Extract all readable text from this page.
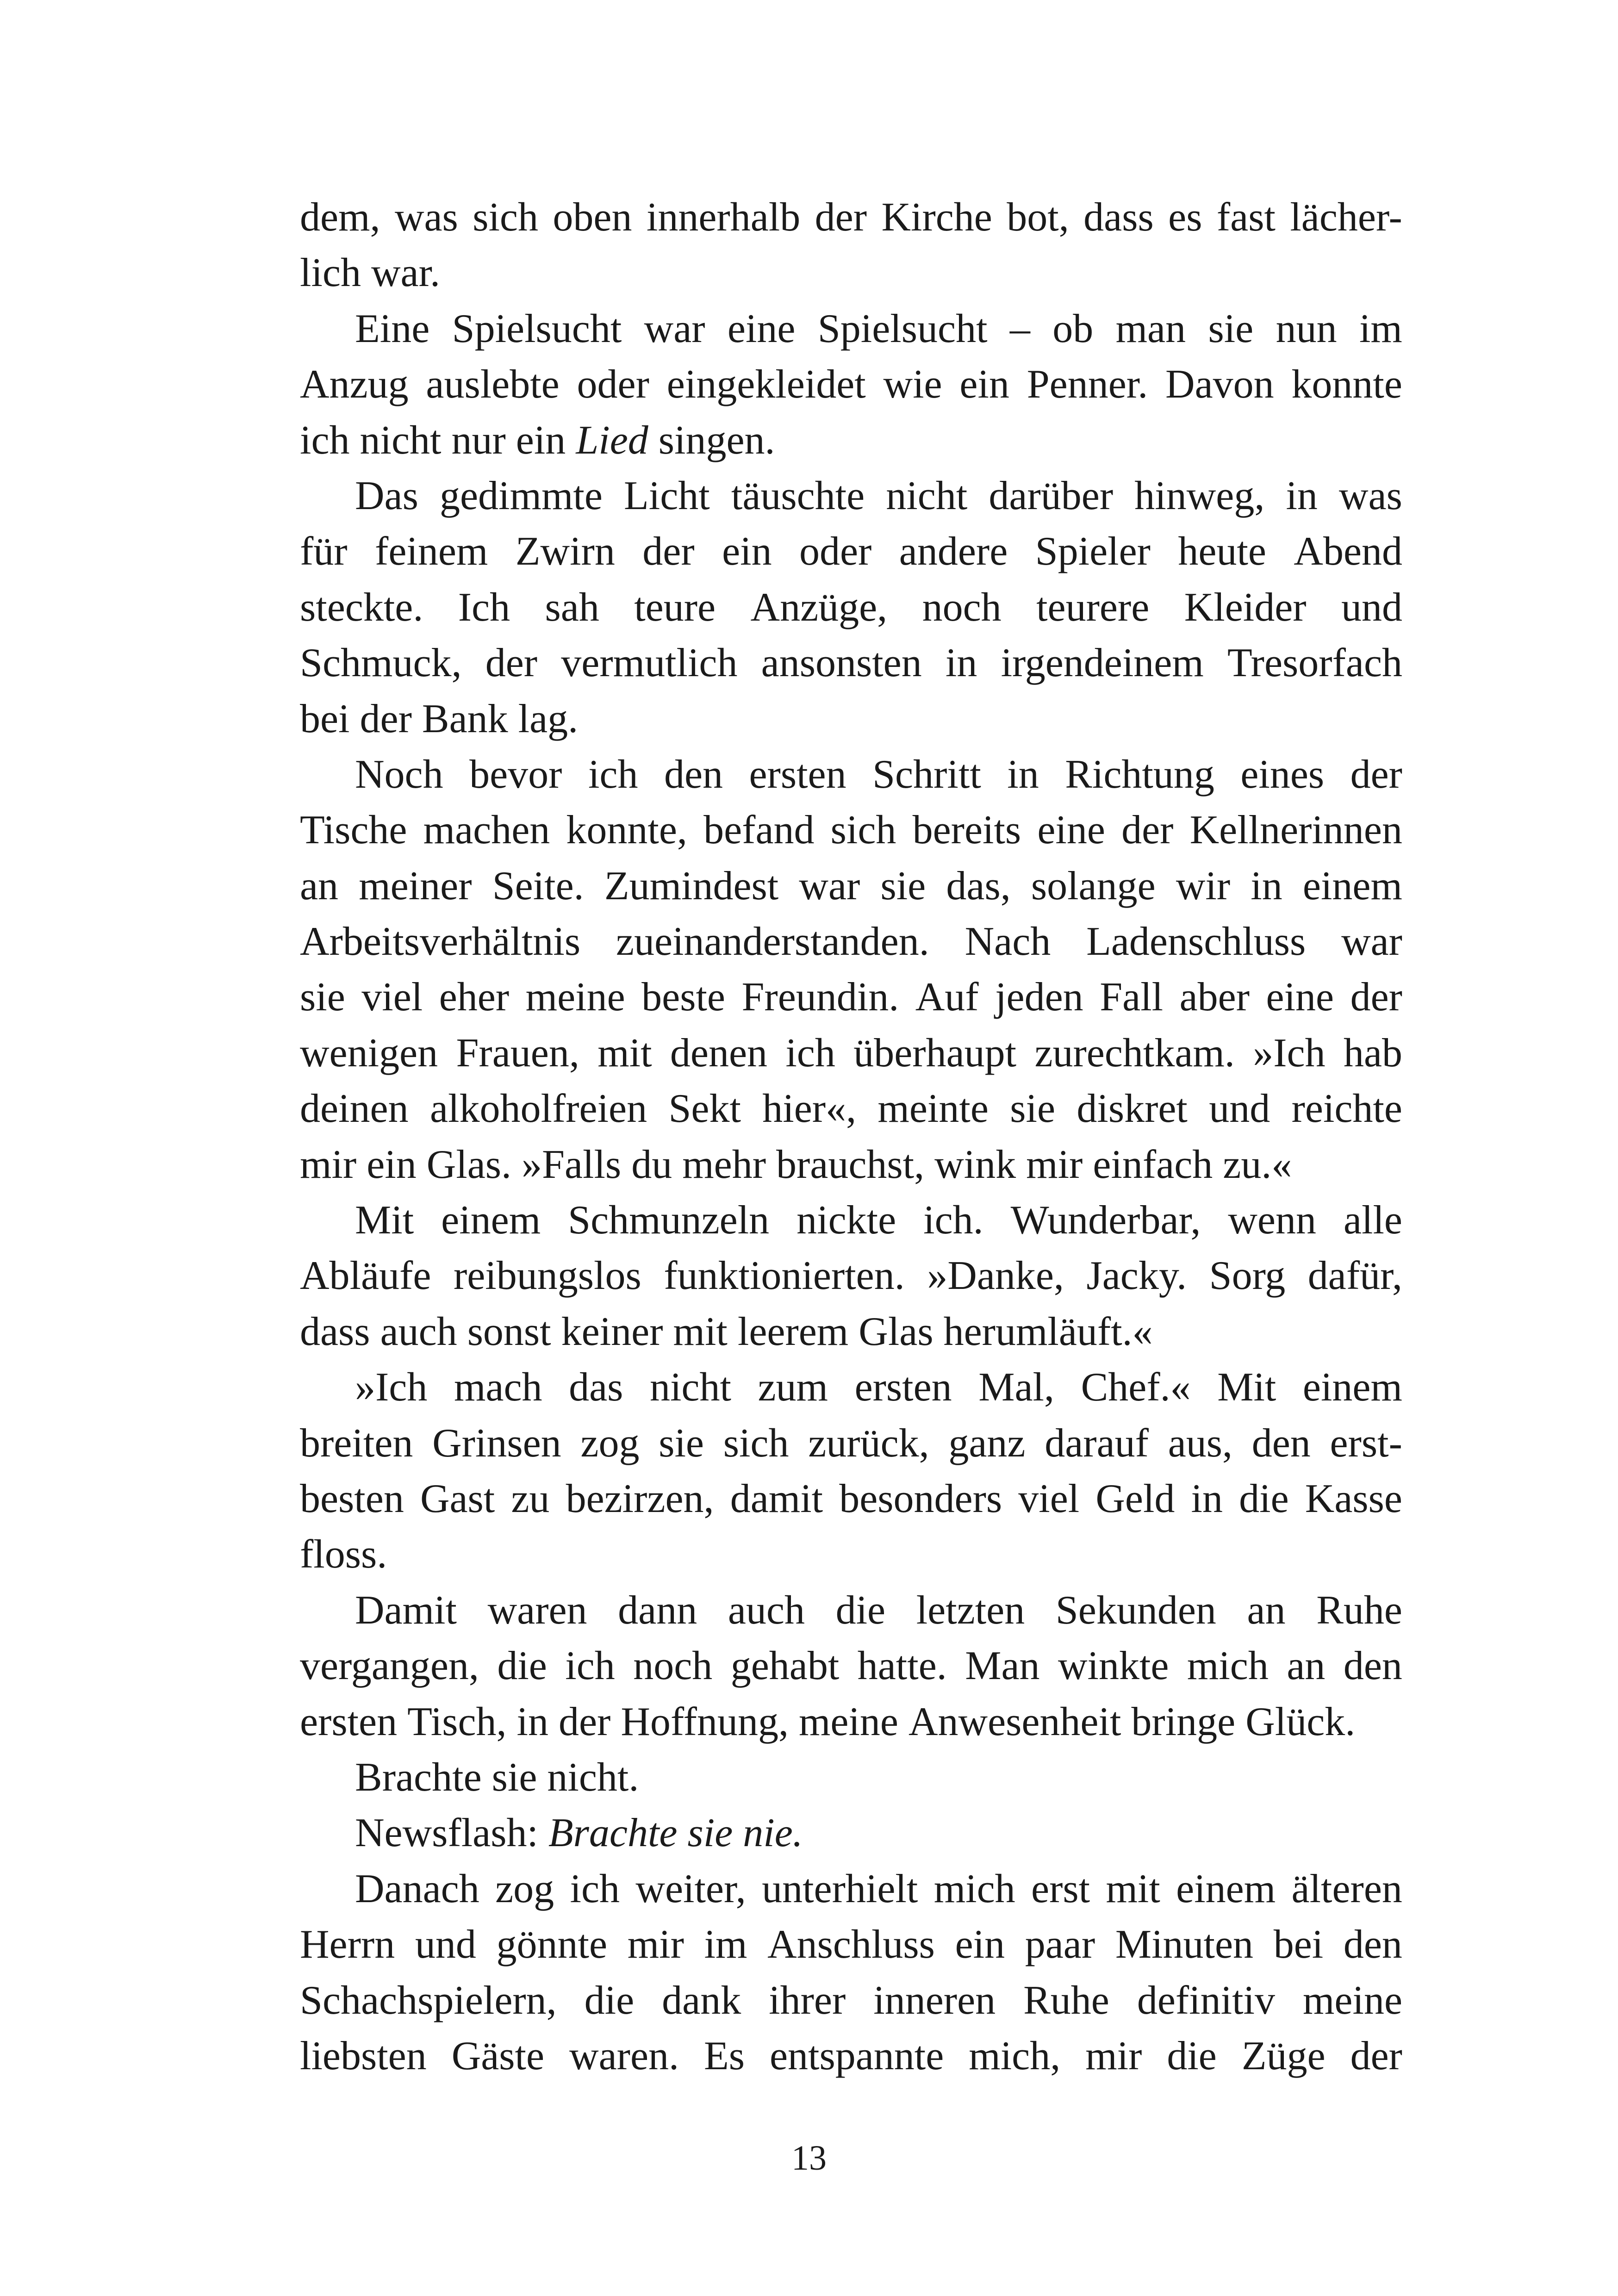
dem, was sich oben innerhalb der Kirche bot, dass es fast lächer-
lich
war.
Eine Spielsucht war eine Spielsucht – ob man sie nun im
Anzug auslebte oder eingekleidet wie ein Penner. Davon konnte
ich
nicht
nur
ein
Lied
singen.
Das gedimmte Licht täuschte nicht darüber hinweg, in was
für feinem Zwirn der ein oder andere Spieler heute Abend
steckte. Ich sah teure Anzüge, noch teurere Kleider und
Schmuck, der vermutlich ansonsten in irgendeinem Tresorfach
bei
der
Bank
lag.
Noch bevor ich den ersten Schritt in Richtung eines der
Tische machen konnte, befand sich bereits eine der Kellnerinnen
an meiner Seite. Zumindest war sie das, solange wir in einem
Arbeitsverhältnis zueinanderstanden. Nach Ladenschluss war
sie viel eher meine beste Freundin. Auf jeden Fall aber eine der
wenigen Frauen, mit denen ich überhaupt zurechtkam. »Ich hab
deinen alkoholfreien Sekt hier«, meinte sie diskret und reichte
mir
ein
Glas.
»Falls
du
mehr
brauchst,
wink
mir
einfach
zu.«
Mit einem Schmunzeln nickte ich. Wunderbar, wenn alle
Abläufe reibungslos funktionierten. »Danke, Jacky. Sorg dafür,
dass
auch
sonst
keiner
mit
leerem
Glas
herumläuft.«
»Ich mach das nicht zum ersten Mal, Chef.« Mit einem
breiten Grinsen zog sie sich zurück, ganz darauf aus, den erst-
besten Gast zu bezirzen, damit besonders viel Geld in die Kasse
floss.
Damit waren dann auch die letzten Sekunden an Ruhe
vergangen, die ich noch gehabt hatte. Man winkte mich an den
ersten
Tisch,
in
der
Hoffnung,
meine
Anwesenheit
bringe
Glück.
Brachte
sie
nicht.
Newsflash:
Brachte
sie
nie.
Danach zog ich weiter, unterhielt mich erst mit einem älteren
Herrn und gönnte mir im Anschluss ein paar Minuten bei den
Schachspielern, die dank ihrer inneren Ruhe definitiv meine
liebsten Gäste waren. Es entspannte mich, mir die Züge der
13
